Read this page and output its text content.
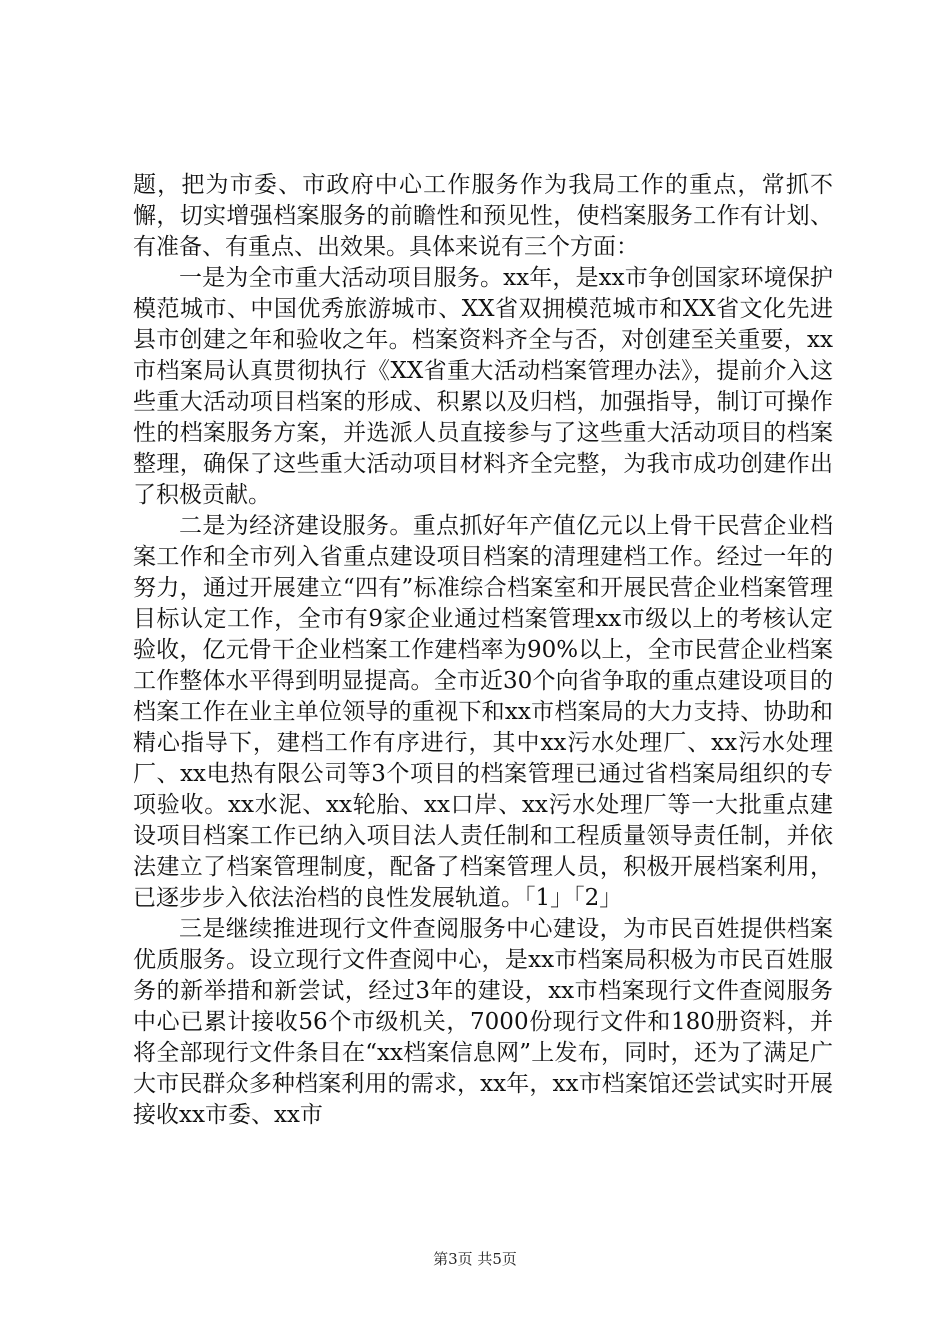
题，把为市委、市政府中心工作服务作为我局工作的重点，常抓不懈，切实增强档案服务的前瞻性和预见性，使档案服务工作有计划、有准备、有重点、出效果。具体来说有三个方面：

一是为全市重大活动项目服务。xx年，是xx市争创国家环境保护模范城市、中国优秀旅游城市、XX省双拥模范城市和XX省文化先进县市创建之年和验收之年。档案资料齐全与否，对创建至关重要，xx市档案局认真贯彻执行《XX省重大活动档案管理办法》，提前介入这些重大活动项目档案的形成、积累以及归档，加强指导，制订可操作性的档案服务方案，并选派人员直接参与了这些重大活动项目的档案整理，确保了这些重大活动项目材料齐全完整，为我市成功创建作出了积极贡献。

二是为经济建设服务。重点抓好年产值亿元以上骨干民营企业档案工作和全市列入省重点建设项目档案的清理建档工作。经过一年的努力，通过开展建立“四有”标准综合档案室和开展民营企业档案管理目标认定工作，全市有9家企业通过档案管理xx市级以上的考核认定验收，亿元骨干企业档案工作建档率为90%以上，全市民营企业档案工作整体水平得到明显提高。全市近30个向省争取的重点建设项目的档案工作在业主单位领导的重视下和xx市档案局的大力支持、协助和精心指导下，建档工作有序进行，其中xx污水处理厂、xx污水处理厂、xx电热有限公司等3个项目的档案管理已通过省档案局组织的专项验收。xx水泥、xx轮胎、xx口岸、xx污水处理厂等一大批重点建设项目档案工作已纳入项目法人责任制和工程质量领导责任制，并依法建立了档案管理制度，配备了档案管理人员，积极开展档案利用，已逐步步入依法治档的良性发展轨道。「1」「2」

三是继续推进现行文件查阅服务中心建设，为市民百姓提供档案优质服务。设立现行文件查阅中心，是xx市档案局积极为市民百姓服务的新举措和新尝试，经过3年的建设，xx市档案现行文件查阅服务中心已累计接收56个市级机关，7000份现行文件和180册资料，并将全部现行文件条目在“xx档案信息网”上发布，同时，还为了满足广大市民群众多种档案利用的需求，xx年，xx市档案馆还尝试实时开展接收xx市委、xx市

第3页 共5页
